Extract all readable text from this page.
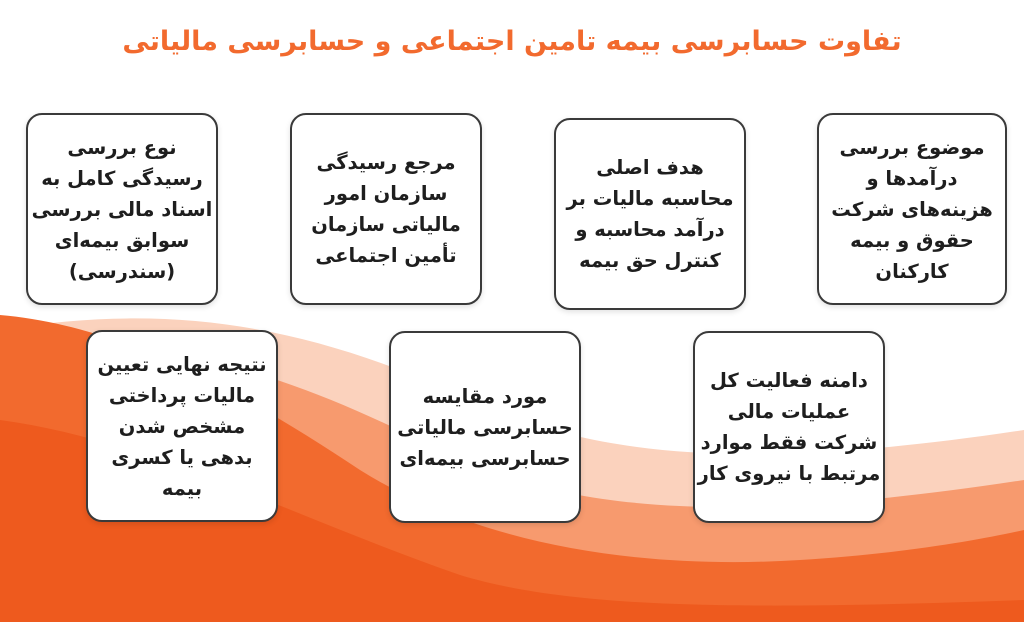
تفاوت حسابرسی بیمه تامین اجتماعی و حسابرسی مالیاتی
موضوع بررسی
درآمدها و
هزینه‌های شرکت
حقوق و بیمه
کارکنان
هدف اصلی
محاسبه مالیات بر
درآمد محاسبه و
کنترل حق بیمه
مرجع رسیدگی
سازمان امور
مالیاتی سازمان
تأمین اجتماعی
نوع بررسی
رسیدگی کامل به
اسناد مالی بررسی
سوابق بیمه‌ای
(سندرسی)
دامنه فعالیت کل
عملیات مالی
شرکت فقط موارد
مرتبط با نیروی کار
مورد مقایسه
حسابرسی مالیاتی
حسابرسی بیمه‌ای
نتیجه نهایی تعیین
مالیات پرداختی
مشخص شدن
بدهی یا کسری
بیمه
